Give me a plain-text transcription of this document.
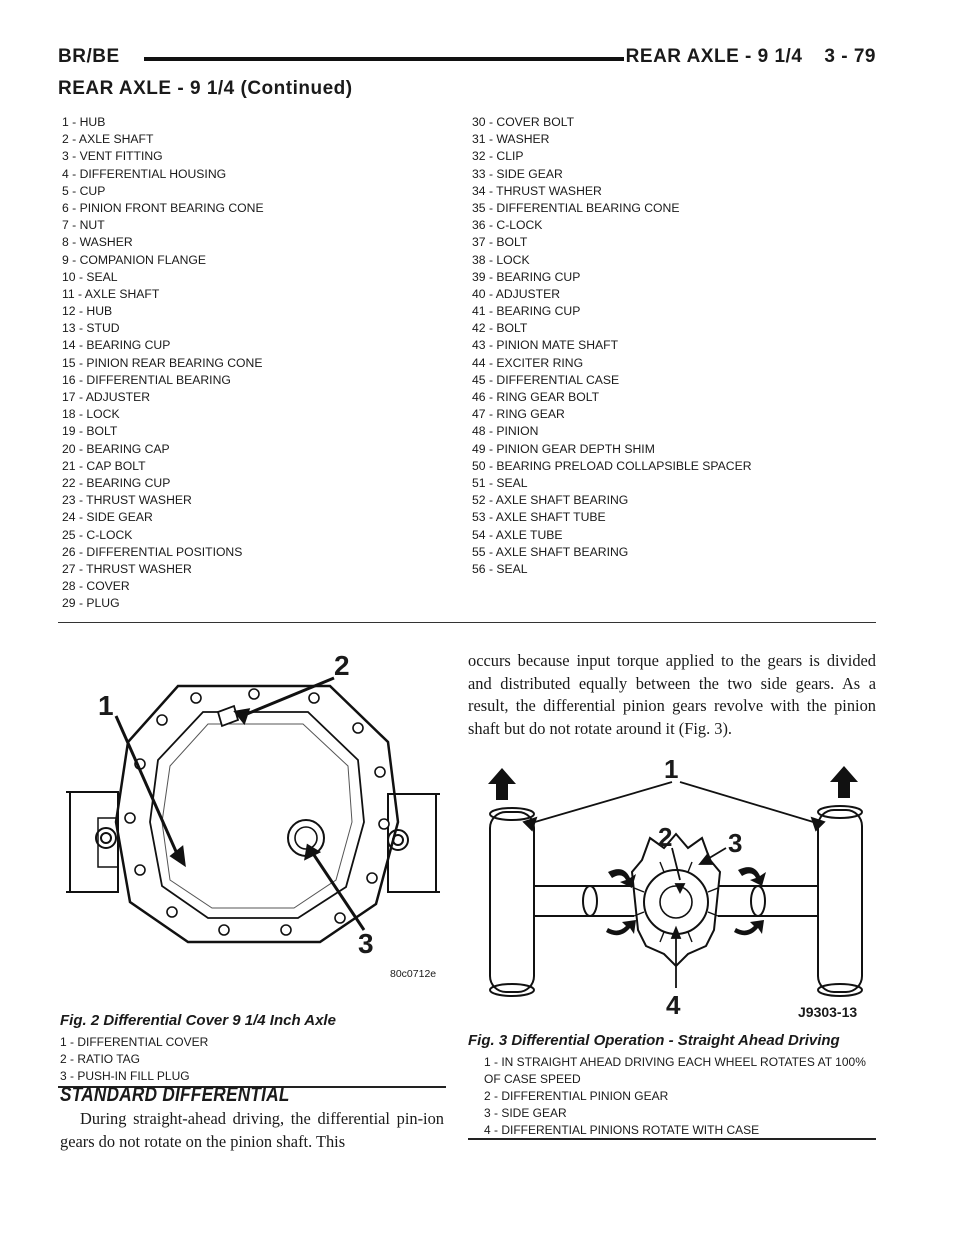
BR/BE	REAR AXLE - 9 1/4 3 - 79
REAR AXLE - 9 1/4 (Continued)
1 - HUB
2 - AXLE SHAFT
3 - VENT FITTING
4 - DIFFERENTIAL HOUSING
5 - CUP
6 - PINION FRONT BEARING CONE
7 - NUT
8 - WASHER
9 - COMPANION FLANGE
10 - SEAL
11 - AXLE SHAFT
12 - HUB
13 - STUD
14 - BEARING CUP
15 - PINION REAR BEARING CONE
16 - DIFFERENTIAL BEARING
17 - ADJUSTER
18 - LOCK
19 - BOLT
20 - BEARING CAP
21 - CAP BOLT
22 - BEARING CUP
23 - THRUST WASHER
24 - SIDE GEAR
25 - C-LOCK
26 - DIFFERENTIAL POSITIONS
27 - THRUST WASHER
28 - COVER
29 - PLUG
30 - COVER BOLT
31 - WASHER
32 - CLIP
33 - SIDE GEAR
34 - THRUST WASHER
35 - DIFFERENTIAL BEARING CONE
36 - C-LOCK
37 - BOLT
38 - LOCK
39 - BEARING CUP
40 - ADJUSTER
41 - BEARING CUP
42 - BOLT
43 - PINION MATE SHAFT
44 - EXCITER RING
45 - DIFFERENTIAL CASE
46 - RING GEAR BOLT
47 - RING GEAR
48 - PINION
49 - PINION GEAR DEPTH SHIM
50 - BEARING PRELOAD COLLAPSIBLE SPACER
51 - SEAL
52 - AXLE SHAFT BEARING
53 - AXLE SHAFT TUBE
54 - AXLE TUBE
55 - AXLE SHAFT BEARING
56 - SEAL
1
2
3
80c0712e
Fig. 2 Differential Cover 9 1/4 Inch Axle
1 - DIFFERENTIAL COVER
2 - RATIO TAG
3 - PUSH-IN FILL PLUG
STANDARD DIFFERENTIAL

During straight-ahead driving, the differential pin-ion gears do not rotate on the pinion shaft. This

occurs because input torque applied to the gears is divided and distributed equally between the two side gears. As a result, the differential pinion gears revolve with the pinion shaft but do not rotate around it (Fig. 3).

1
2 3
4	J9303-13
Fig. 3 Differential Operation - Straight Ahead Driving
1 - IN STRAIGHT AHEAD DRIVING EACH WHEEL ROTATES AT 100% OF CASE SPEED
2 - DIFFERENTIAL PINION GEAR
3 - SIDE GEAR
4 - DIFFERENTIAL PINIONS ROTATE WITH CASE
